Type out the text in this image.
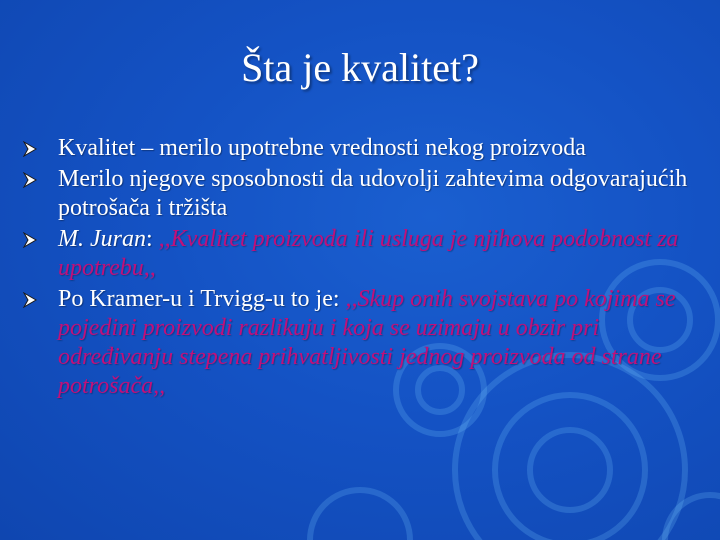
Šta je kvalitet?
Kvalitet – merilo upotrebne vrednosti nekog proizvoda
Merilo njegove sposobnosti da udovolji zahtevima odgovarajućih potrošača i tržišta
M. Juran: ,,Kvalitet proizvoda ili usluga je njihova podobnost za upotrebu,,
Po Kramer-u i Trvigg-u to je: ,,Skup onih svojstava po kojima se pojedini proizvodi razlikuju i koja se uzimaju u obzir pri određivanju stepena prihvatljivosti jednog proizvoda od strane potrošača,,
